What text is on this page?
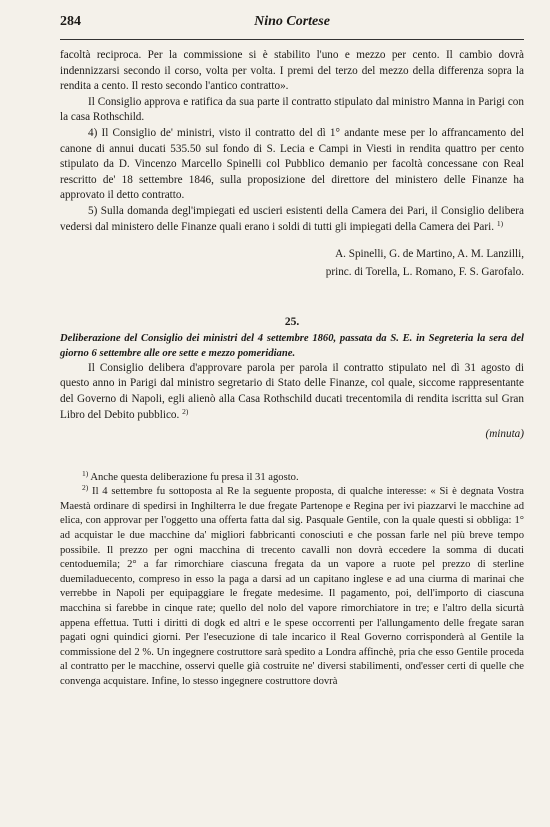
284	Nino Cortese

facoltà reciproca. Per la commissione si è stabilito l'uno e mezzo per cento. Il cambio dovrà indennizzarsi secondo il corso, volta per volta. I premi del terzo del mezzo della differenza sopra la rendita a cento. Il resto secondo l'antico contratto».

Il Consiglio approva e ratifica da sua parte il contratto stipulato dal ministro Manna in Parigi con la casa Rothschild.

4) Il Consiglio de' ministri, visto il contratto del dì 1° andante mese per lo affrancamento del canone di annui ducati 535.50 sul fondo di S. Lecia e Campi in Viesti in rendita quattro per cento stipulato da D. Vincenzo Marcello Spinelli col Pubblico demanio per facoltà concessane con Real rescritto de' 18 settembre 1846, sulla proposizione del direttore del ministero delle Finanze ha approvato il detto contratto.

5) Sulla domanda degl'impiegati ed uscieri esistenti della Camera dei Pari, il Consiglio delibera vedersi dal ministero delle Finanze quali erano i soldi di tutti gli impiegati della Camera dei Pari. $^{1)}$

A. Spinelli, G. de Martino, A. M. Lanzilli,
princ. di Torella, L. Romano, F. S. Garofalo.
25.

Deliberazione del Consiglio dei ministri del 4 settembre 1860, passata da S. E. in Segreteria la sera del giorno 6 settembre alle ore sette e mezzo pomeridiane.

Il Consiglio delibera d'approvare parola per parola il contratto stipulato nel dì 31 agosto di questo anno in Parigi dal ministro segretario di Stato delle Finanze, col quale, siccome rappresentante del Governo di Napoli, egli alienò alla Casa Rothschild ducati trecentomila di rendita iscritta sul Gran Libro del Debito pubblico. $^{2)}$

(minuta)

$^{1)}$ Anche questa deliberazione fu presa il 31 agosto.

$^{2)}$ Il 4 settembre fu sottoposta al Re la seguente proposta, di qualche interesse: « Si è degnata Vostra Maestà ordinare di spedirsi in Inghilterra le due fregate Partenope e Regina per ivi piazzarvi le macchine ad elica, con approvar per l'oggetto una offerta fatta dal sig. Pasquale Gentile, con la quale questi si obbliga: 1° ad acquistar le due macchine da' migliori fabbricanti conosciuti e che possan farle nel più breve tempo possibile. Il prezzo per ogni macchina di trecento cavalli non dovrà eccedere la somma di ducati centoduemila; 2° a far rimorchiare ciascuna fregata da un vapore a ruote pel prezzo di sterline duemiladuecento, compreso in esso la paga a darsi ad un capitano inglese e ad una ciurma di marinai che verrebbe in Napoli per equipaggiare le fregate medesime. Il pagamento, poi, dell'importo di ciascuna macchina si farebbe in cinque rate; quello del nolo del vapore rimorchiatore in tre; e l'altro della sicurtà appena effettua. Tutti i diritti di dogk ed altri e le spese occorrenti per l'allungamento delle fregate saran pagati ogni quindici giorni. Per l'esecuzione di tale incarico il Real Governo corrisponderà al Gentile la commissione del 2 %. Un ingegnere costruttore sarà spedito a Londra affinchè, pria che esso Gentile proceda al contratto per le macchine, osservi quelle già costruite ne' diversi stabilimenti, ond'esser certi di quelle che convenga acquistare. Infine, lo stesso ingegnere costruttore dovrà
